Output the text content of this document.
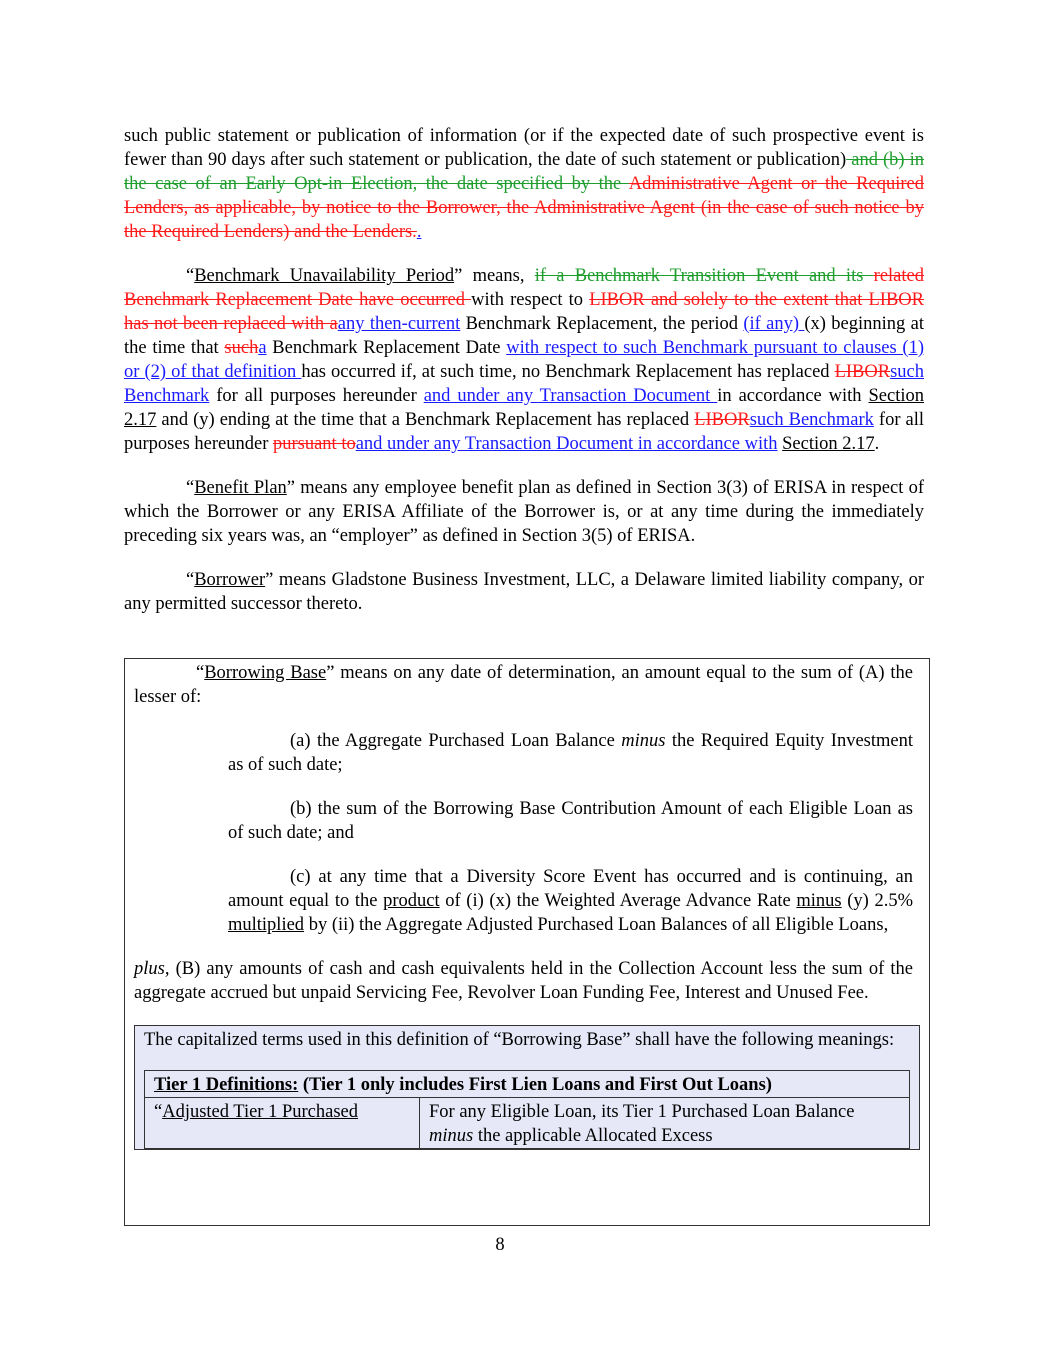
such public statement or publication of information (or if the expected date of such prospective event is fewer than 90 days after such statement or publication, the date of such statement or publication) and (b) in the case of an Early Opt-in Election, the date specified by the Administrative Agent or the Required Lenders, as applicable, by notice to the Borrower, the Administrative Agent (in the case of such notice by the Required Lenders) and the Lenders..

“Benchmark Unavailability Period” means, if a Benchmark Transition Event and its related Benchmark Replacement Date have occurred with respect to LIBOR and solely to the extent that LIBOR has not been replaced with aany then-current Benchmark Replacement, the period (if any) (x) beginning at the time that sucha Benchmark Replacement Date with respect to such Benchmark pursuant to clauses (1) or (2) of that definition has occurred if, at such time, no Benchmark Replacement has replaced LIBORsuch Benchmark for all purposes hereunder and under any Transaction Document in accordance with Section 2.17 and (y) ending at the time that a Benchmark Replacement has replaced LIBORsuch Benchmark for all purposes hereunder pursuant toand under any Transaction Document in accordance with Section 2.17.

“Benefit Plan” means any employee benefit plan as defined in Section 3(3) of ERISA in respect of which the Borrower or any ERISA Affiliate of the Borrower is, or at any time during the immediately preceding six years was, an “employer” as defined in Section 3(5) of ERISA.

“Borrower” means Gladstone Business Investment, LLC, a Delaware limited liability company, or any permitted successor thereto.

“Borrowing Base” means on any date of determination, an amount equal to the sum of (A) the lesser of:

(a) the Aggregate Purchased Loan Balance minus the Required Equity Investment as of such date;

(b) the sum of the Borrowing Base Contribution Amount of each Eligible Loan as of such date; and

(c) at any time that a Diversity Score Event has occurred and is continuing, an amount equal to the product of (i) (x) the Weighted Average Advance Rate minus (y) 2.5% multiplied by (ii) the Aggregate Adjusted Purchased Loan Balances of all Eligible Loans,

plus, (B) any amounts of cash and cash equivalents held in the Collection Account less the sum of the aggregate accrued but unpaid Servicing Fee, Revolver Loan Funding Fee, Interest and Unused Fee.

The capitalized terms used in this definition of “Borrowing Base” shall have the following meanings:

Tier 1 Definitions: (Tier 1 only includes First Lien Loans and First Out Loans)
“Adjusted Tier 1 Purchased	For any Eligible Loan, its Tier 1 Purchased Loan Balance minus the applicable Allocated Excess
8
